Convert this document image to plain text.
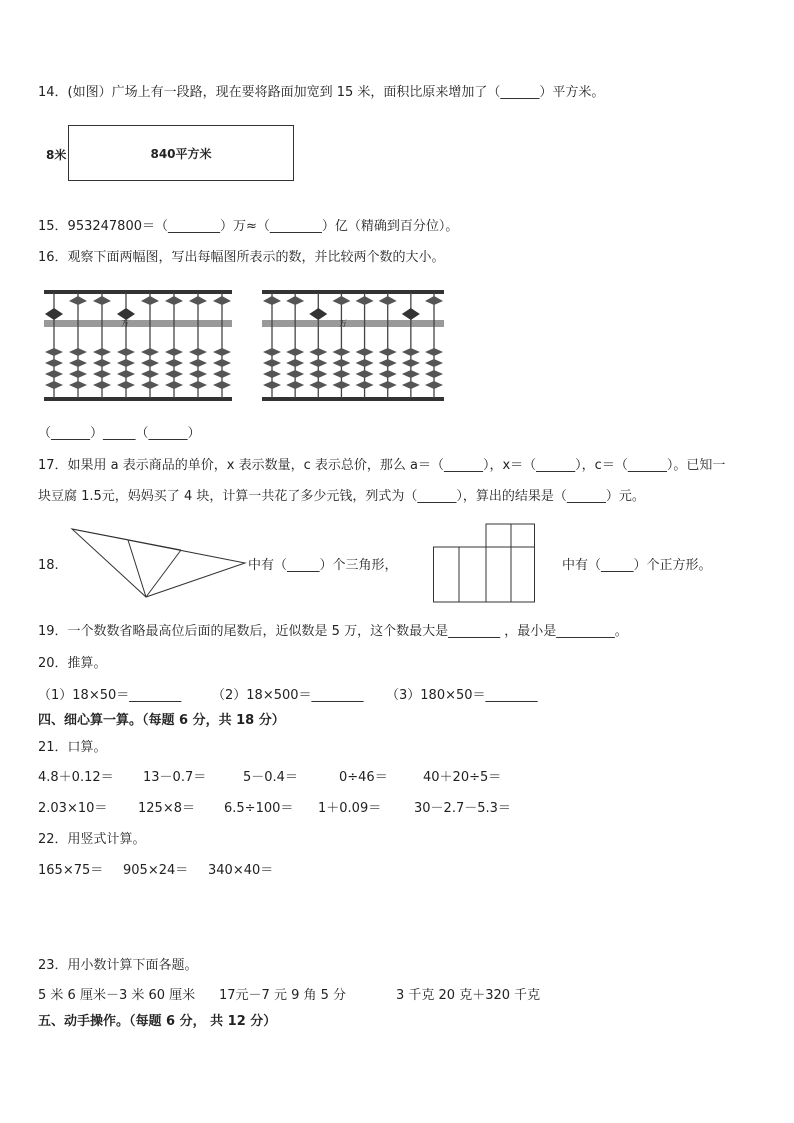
14．(如图）广场上有一段路，现在要将路面加宽到 15 米，面积比原来增加了（______）平方米。
8米	840平方米
15．953247800＝（________）万≈（________）亿（精确到百分位）。
16．观察下面两幅图，写出每幅图所表示的数，并比较两个数的大小。
万	万
（______）_____（______）
17．如果用 a 表示商品的单价，x 表示数量，c 表示总价，那么 a＝（______），x＝（______），c＝（______）。已知一
块豆腐 1.5元，妈妈买了 4 块，计算一共花了多少元钱，列式为（______），算出的结果是（______）元。
18.	中有（_____）个三角形，	中有（_____）个正方形。
19．一个数数省略最高位后面的尾数后，近似数是 5 万，这个数最大是________ ，最小是_________。
20．推算。
（1）18×50＝________ （2）18×500＝________ （3）180×50＝________
四、细心算一算。（每题 6 分，共 18 分）
21．口算。
4.8＋0.12＝ 13－0.7＝	5－0.4＝	0÷46＝	40＋20÷5＝
2.03×10＝ 125×8＝ 6.5÷100＝ 1＋0.09＝	30－2.7－5.3＝
22．用竖式计算。
165×75＝ 905×24＝ 340×40＝
23．用小数计算下面各题。
5 米 6 厘米－3 米 60 厘米 17元－7 元 9 角 5 分	3 千克 20 克＋320 千克
五、动手操作。（每题 6 分， 共 12 分）
